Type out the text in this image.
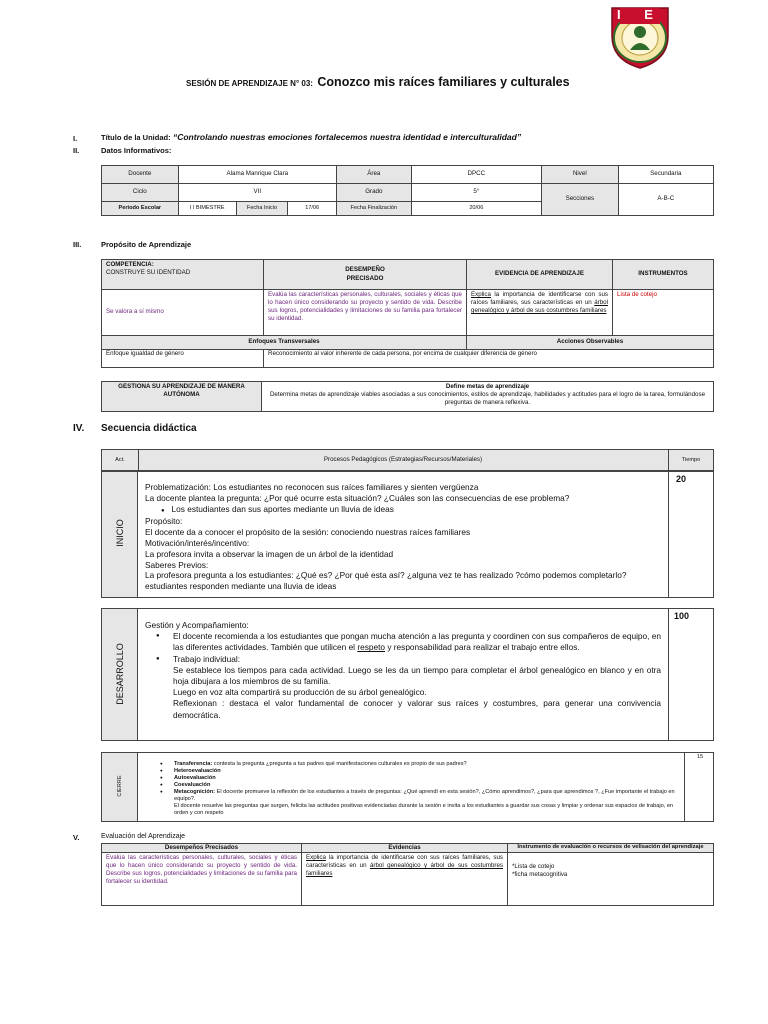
I E
SESIÓN DE APRENDIZAJE N° 03: Conozco mis raíces familiares y culturales
I.	Título de la Unidad: “Controlando nuestras emociones fortalecemos nuestra identidad e interculturalidad”
II.	Datos Informativos:
Docente	Alama Manrique Clara			Área	DPCC	Nivel	Secundaria
Ciclo	VII			Grado	5°	Secciones	A-B-C
Periodo Escolar	I I BIMESTRE	Fecha Inicio	17/06	Fecha Finalización	20/06		
III.	Propósito de Aprendizaje
COMPETENCIA:
CONSTRUYE SU IDENTIDAD	DESEMPEÑO PRECISADO	EVIDENCIA DE APRENDIZAJE	INSTRUMENTOS
Se valora a sí mismo	Evalúa las características personales, culturales, sociales y éticas que lo hacen único considerando su proyecto y sentido de vida. Describe sus logros, potencialidades y limitaciones de su familia para fortalecer su identidad.	Explica la importancia de identificarse con sus raíces familiares, sus características en un árbol genealógico y árbol de sus costumbres familiares	Lista de cotejo
Enfoques Transversales		Acciones Observables	
Enfoque igualdad de género	Reconocimiento al valor inherente de cada persona, por encima de cualquier diferencia de género		
GESTIONA SU APRENDIZAJE DE MANERA AUTÓNOMA	
Define metas de aprendizaje
Determina metas de aprendizaje viables asociadas a sus conocimientos, estilos de aprendizaje, habilidades y actitudes para el logro de la tarea, formulándose preguntas de manera reflexiva.
IV. Secuencia didáctica
Act.	Procesos Pedagógicos (Estrategias/Recursos/Materiales)	Tiempo
INICIO
20
Problematización: Los estudiantes no reconocen sus raíces familiares y sienten vergüenza
La docente plantea la pregunta: ¿Por qué ocurre esta situación? ¿Cuáles son las consecuencias de ese problema?
● Los estudiantes dan sus aportes mediante un lluvia de ideas
Propósito:
El docente da a conocer el propósito de la sesión: conociendo nuestras raíces familiares
Motivación/interés/incentivo:
La profesora invita a observar la imagen de un árbol de la identidad
Saberes Previos:
La profesora pregunta a los estudiantes: ¿Qué es? ¿Por qué esta así? ¿alguna vez te has realizado ?cómo podemos completarlo? estudiantes responden mediante una lluvia de ideas
DESARROLLO
100
Gestión y Acompañamiento:
● El docente recomienda a los estudiantes que pongan mucha atención a las pregunta y coordinen con sus compañeros de equipo, en las diferentes actividades. También que utilicen el respeto y responsabilidad para realizar el trabajo entre ellos.
● Trabajo individual:
Se establece los tiempos para cada actividad. Luego se les da un tiempo para completar el árbol genealógico en blanco y en otra hoja dibujara a los miembros de su familia.
Luego en voz alta compartirá su producción de su árbol genealógico.
Reflexionan : destaca el valor fundamental de conocer y valorar sus raíces y costumbres, para generar una convivencia democrática.
CIERRE
15
● Transferencia: contesta la pregunta ¿pregunta a tus padres qué manifestaciones culturales es propio de sus padres?
● Heteroevaluación
● Autoevaluación
● Coevaluación
● Metacognición: El docente promueve la reflexión de los estudiantes a través de preguntas: ¿Qué aprendí en esta sesión?, ¿Cómo aprendimos?, ¿para que aprendimos ?, ¿Fue importante el trabajo en equipo?.
El docente resuelve las preguntas que surgen, felicita las actitudes positivas evidenciadas durante la sesión e invita a los estudiantes a guardar sus cosas y limpiar y ordenar sus espacios de trabajo, en orden y con respeto
V.	Evaluación del Aprendizaje
Desempeños Precisados	Evidencias	Instrumento de evaluación o recursos de velisación del aprendizaje
Evalúa las características personales, culturales, sociales y éticas que lo hacen único considerando su proyecto y sentido de vida. Describe sus logros, potencialidades y limitaciones de su familia para fortalecer su identidad.	Explica la importancia de identificarse con sus raíces familiares, sus características en un árbol genealógico y árbol de sus costumbres familiares	*Lista de cotejo
*ficha metacognitiva
